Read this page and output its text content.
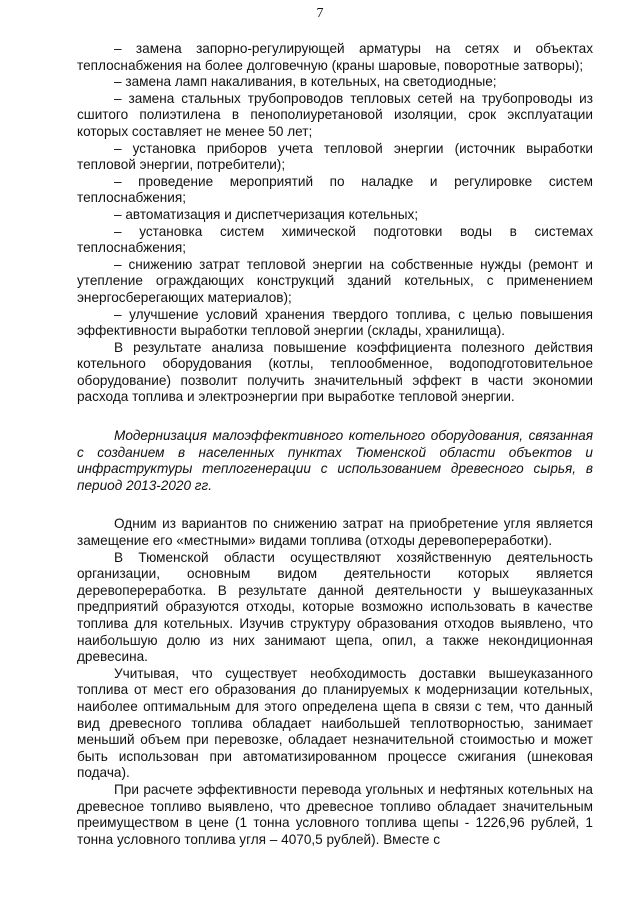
7

– замена запорно-регулирующей арматуры на сетях и объектах теплоснабжения на более долговечную (краны шаровые, поворотные затворы);

– замена ламп накаливания, в котельных, на светодиодные;

– замена стальных трубопроводов тепловых сетей на трубопроводы из сшитого полиэтилена в пенополиуретановой изоляции, срок эксплуатации которых составляет не менее 50 лет;

– установка приборов учета тепловой энергии (источник выработки тепловой энергии, потребители);

– проведение мероприятий по наладке и регулировке систем теплоснабжения;

– автоматизация и диспетчеризация котельных;

– установка систем химической подготовки воды в системах теплоснабжения;

– снижению затрат тепловой энергии на собственные нужды (ремонт и утепление ограждающих конструкций зданий котельных, с применением энергосберегающих материалов);

– улучшение условий хранения твердого топлива, с целью повышения эффективности выработки тепловой энергии (склады, хранилища).

В результате анализа повышение коэффициента полезного действия котельного оборудования (котлы, теплообменное, водоподготовительное оборудование) позволит получить значительный эффект в части экономии расхода топлива и электроэнергии при выработке тепловой энергии.

Модернизация малоэффективного котельного оборудования, связанная с созданием в населенных пунктах Тюменской области объектов и инфраструктуры теплогенерации с использованием древесного сырья, в период 2013-2020 гг.

Одним из вариантов по снижению затрат на приобретение угля является замещение его «местными» видами топлива (отходы деревопереработки).

В Тюменской области осуществляют хозяйственную деятельность организации, основным видом деятельности которых является деревопереработка. В результате данной деятельности у вышеуказанных предприятий образуются отходы, которые возможно использовать в качестве топлива для котельных. Изучив структуру образования отходов выявлено, что наибольшую долю из них занимают щепа, опил, а также некондиционная древесина.

Учитывая, что существует необходимость доставки вышеуказанного топлива от мест его образования до планируемых к модернизации котельных, наиболее оптимальным для этого определена щепа в связи с тем, что данный вид древесного топлива обладает наибольшей теплотворностью, занимает меньший объем при перевозке, обладает незначительной стоимостью и может быть использован при автоматизированном процессе сжигания (шнековая подача).

При расчете эффективности перевода угольных и нефтяных котельных на древесное топливо выявлено, что древесное топливо обладает значительным преимуществом в цене (1 тонна условного топлива щепы - 1226,96 рублей, 1 тонна условного топлива угля – 4070,5 рублей). Вместе с
